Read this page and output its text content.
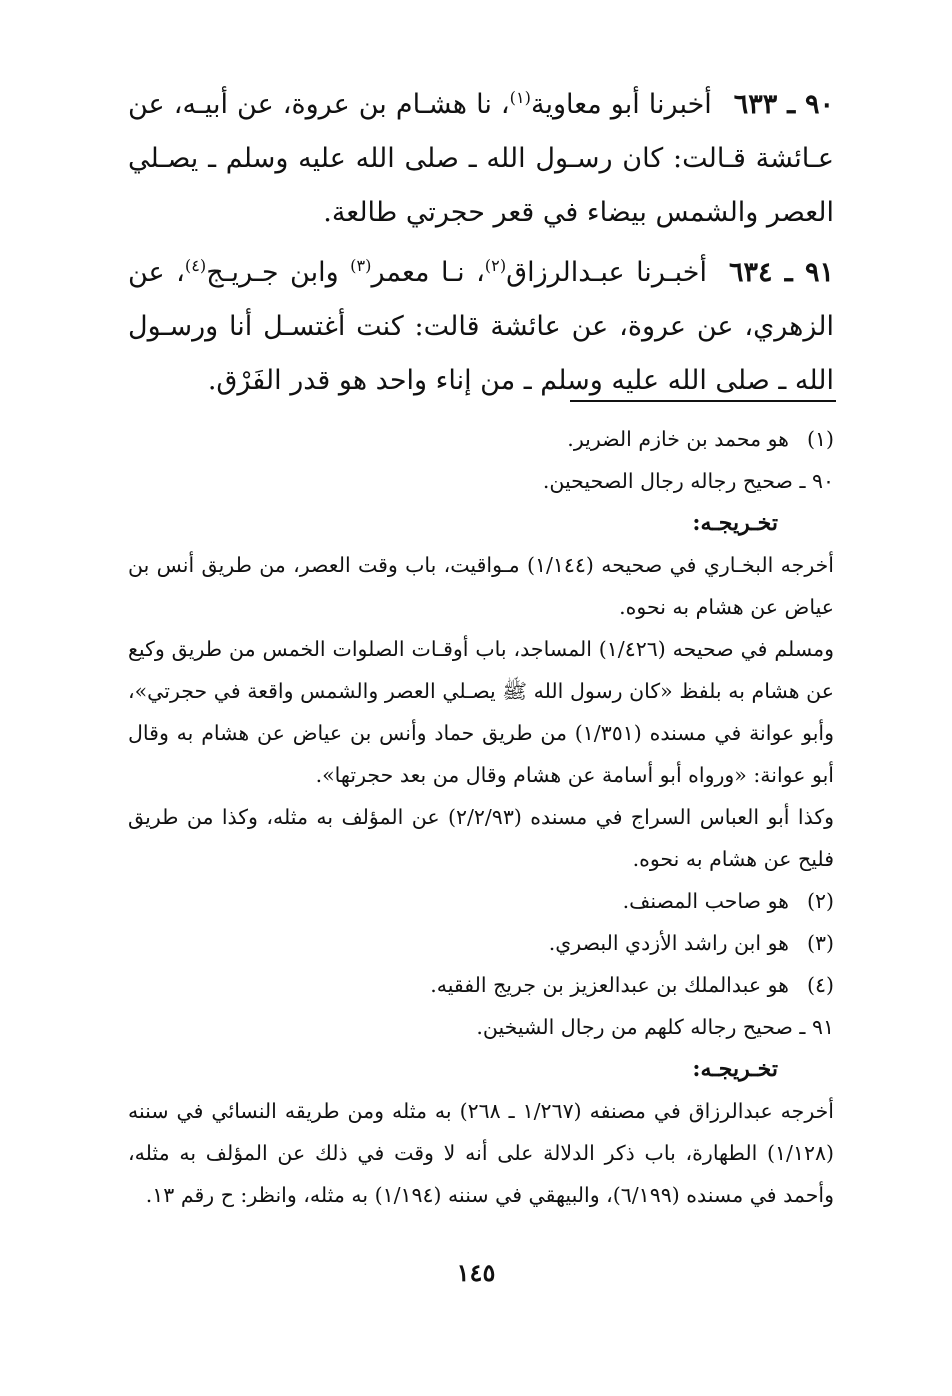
٩٠ ـ ٦٣٣أخبرنا أبو معاوية$^{(١)}$، نا هشـام بن عروة، عن أبيـه، عن عـائشة قـالت: كان رسـول الله ـ صلى الله عليه وسلم ـ يصـلي العصر والشمس بيضاء في قعر حجرتي طالعة.

٩١ ـ ٦٣٤أخبـرنا عبـدالرزاق$^{(٢)}$، نـا معمر$^{(٣)}$ وابن جـريـج$^{(٤)}$، عن الزهري، عن عروة، عن عائشة قالت: كنت أغتسـل أنا ورسـول الله ـ صلى الله عليه وسلم ـ من إناء واحد هو قدر الفَرْق.

(١)هو محمد بن خازم الضرير.

٩٠ ـ صحيح رجاله رجال الصحيحين.

تخـريجـه:

أخرجه البخـاري في صحيحه (١/١٤٤) مـواقيت، باب وقت العصر، من طريق أنس بن عياض عن هشام به نحوه.

ومسلم في صحيحه (١/٤٢٦) المساجد، باب أوقـات الصلوات الخمس من طريق وكيع عن هشام به بلفظ «كان رسول الله ﷺ يصـلي العصر والشمس واقعة في حجرتي»، وأبو عوانة في مسنده (١/٣٥١) من طريق حماد وأنس بن عياض عن هشام به وقال أبو عوانة: «ورواه أبو أسامة عن هشام وقال من بعد حجرتها».

وكذا أبو العباس السراج في مسنده (٢/٢/٩٣) عن المؤلف به مثله، وكذا من طريق فليح عن هشام به نحوه.

(٢)هو صاحب المصنف.

(٣)هو ابن راشد الأزدي البصري.

(٤)هو عبدالملك بن عبدالعزيز بن جريج الفقيه.

٩١ ـ صحيح رجاله كلهم من رجال الشيخين.

تخـريجـه:

أخرجه عبدالرزاق في مصنفه (١/٢٦٧ ـ ٢٦٨) به مثله ومن طريقه النسائي في سننه (١/١٢٨) الطهارة، باب ذكر الدلالة على أنه لا وقت في ذلك عن المؤلف به مثله، وأحمد في مسنده (٦/١٩٩)، والبيهقي في سننه (١/١٩٤) به مثله، وانظر: ح رقم ١٣.

١٤٥
